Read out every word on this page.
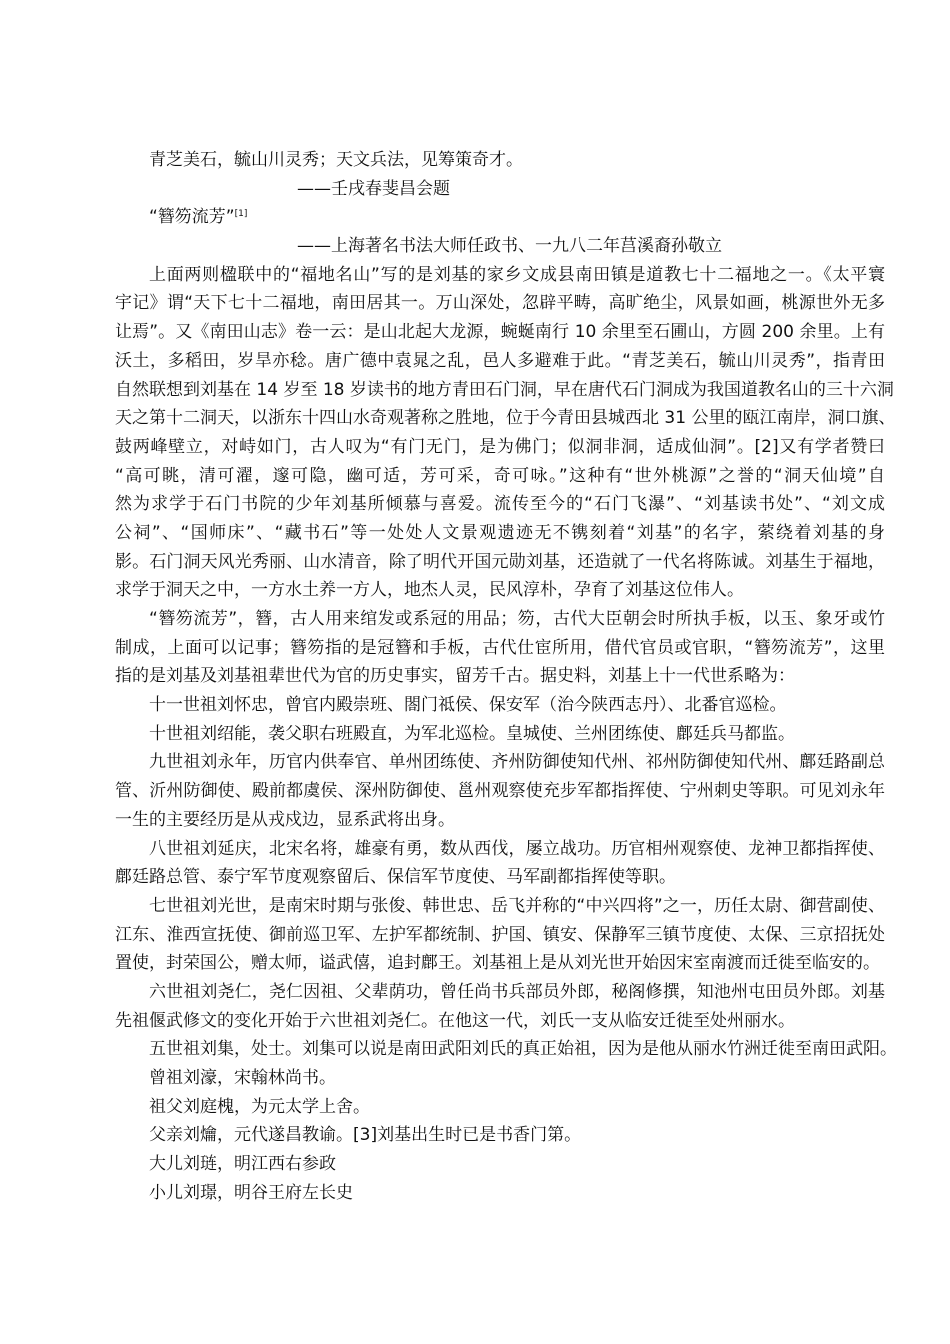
青芝美石，毓山川灵秀；天文兵法，见筹策奇才。
——壬戌春斐昌会题
“簪笏流芳”[1]
——上海著名书法大师任政书、一九八二年莒溪裔孙敬立
上面两则楹联中的“福地名山”写的是刘基的家乡文成县南田镇是道教七十二福地之一。《太平寰
宇记》谓“天下七十二福地，南田居其一。万山深处，忽辟平畴，高旷绝尘，风景如画，桃源世外无多
让焉”。又《南田山志》卷一云：是山北起大龙源，蜿蜒南行 10 余里至石圃山，方圆 200 余里。上有
沃土，多稻田，岁旱亦稔。唐广德中袁晁之乱，邑人多避难于此。“青芝美石，毓山川灵秀”，指青田
自然联想到刘基在 14 岁至 18 岁读书的地方青田石门洞，早在唐代石门洞成为我国道教名山的三十六洞
天之第十二洞天，以浙东十四山水奇观著称之胜地，位于今青田县城西北 31 公里的瓯江南岸，洞口旗、
鼓两峰壁立，对峙如门，古人叹为“有门无门，是为佛门；似洞非洞，适成仙洞”。[2]又有学者赞曰
“高可眺，清可濯，邃可隐，幽可适，芳可采，奇可咏。”这种有“世外桃源”之誉的“洞天仙境”自
然为求学于石门书院的少年刘基所倾慕与喜爱。流传至今的“石门飞瀑”、“刘基读书处”、“刘文成
公祠”、“国师床”、“藏书石”等一处处人文景观遗迹无不镌刻着“刘基”的名字，萦绕着刘基的身
影。石门洞天风光秀丽、山水清音，除了明代开国元勋刘基，还造就了一代名将陈诚。刘基生于福地，
求学于洞天之中，一方水土养一方人，地杰人灵，民风淳朴，孕育了刘基这位伟人。
“簪笏流芳”，簪，古人用来绾发或系冠的用品；笏，古代大臣朝会时所执手板，以玉、象牙或竹
制成，上面可以记事；簪笏指的是冠簪和手板，古代仕宦所用，借代官员或官职，“簪笏流芳”，这里
指的是刘基及刘基祖辈世代为官的历史事实，留芳千古。据史料，刘基上十一代世系略为：
十一世祖刘怀忠，曾官内殿崇班、閤门祗侯、保安军（治今陕西志丹）、北番官巡检。
十世祖刘绍能，袭父职右班殿直，为军北巡检。皇城使、兰州团练使、鄜廷兵马都监。
九世祖刘永年，历官内供奉官、单州团练使、齐州防御使知代州、祁州防御使知代州、鄜廷路副总
管、沂州防御使、殿前都虞侯、深州防御使、邕州观察使充步军都指挥使、宁州刺史等职。可见刘永年
一生的主要经历是从戎戍边，显系武将出身。
八世祖刘延庆，北宋名将，雄豪有勇，数从西伐，屡立战功。历官相州观察使、龙神卫都指挥使、
鄜廷路总管、泰宁军节度观察留后、保信军节度使、马军副都指挥使等职。
七世祖刘光世，是南宋时期与张俊、韩世忠、岳飞并称的“中兴四将”之一，历任太尉、御营副使、
江东、淮西宣抚使、御前巡卫军、左护军都统制、护国、镇安、保静军三镇节度使、太保、三京招抚处
置使，封荣国公，赠太师，谥武僖，追封鄜王。刘基祖上是从刘光世开始因宋室南渡而迁徙至临安的。
六世祖刘尧仁，尧仁因祖、父辈荫功，曾任尚书兵部员外郎，秘阁修撰，知池州屯田员外郎。刘基
先祖偃武修文的变化开始于六世祖刘尧仁。在他这一代，刘氏一支从临安迁徙至处州丽水。
五世祖刘集，处士。刘集可以说是南田武阳刘氏的真正始祖，因为是他从丽水竹洲迁徙至南田武阳。
曾祖刘濠，宋翰林尚书。
祖父刘庭槐，为元太学上舍。
父亲刘爚，元代遂昌教谕。[3]刘基出生时已是书香门第。
大儿刘琏，明江西右参政
小儿刘璟，明谷王府左长史
